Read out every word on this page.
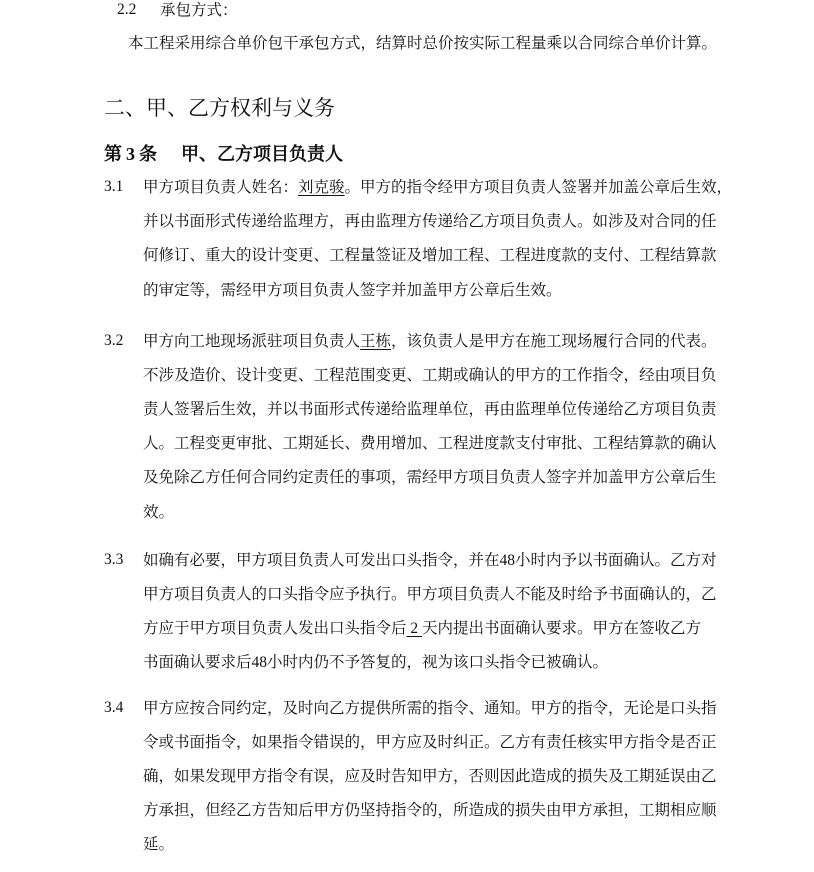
2.2 承包方式：
本工程采用综合单价包干承包方式，结算时总价按实际工程量乘以合同综合单价计算。
二、甲、乙方权利与义务
第 3 条 甲、乙方项目负责人
3.1 甲方项目负责人姓名：刘克骏。甲方的指令经甲方项目负责人签署并加盖公章后生效，
并以书面形式传递给监理方，再由监理方传递给乙方项目负责人。如涉及对合同的任
何修订、重大的设计变更、工程量签证及增加工程、工程进度款的支付、工程结算款
的审定等，需经甲方项目负责人签字并加盖甲方公章后生效。
3.2 甲方向工地现场派驻项目负责人王栋，该负责人是甲方在施工现场履行合同的代表。
不涉及造价、设计变更、工程范围变更、工期或确认的甲方的工作指令，经由项目负
责人签署后生效，并以书面形式传递给监理单位，再由监理单位传递给乙方项目负责
人。工程变更审批、工期延长、费用增加、工程进度款支付审批、工程结算款的确认
及免除乙方任何合同约定责任的事项，需经甲方项目负责人签字并加盖甲方公章后生
效。
3.3 如确有必要，甲方项目负责人可发出口头指令，并在48小时内予以书面确认。乙方对
甲方项目负责人的口头指令应予执行。甲方项目负责人不能及时给予书面确认的，乙
方应于甲方项目负责人发出口头指令后 2 天内提出书面确认要求。甲方在签收乙方
书面确认要求后48小时内仍不予答复的，视为该口头指令已被确认。
3.4 甲方应按合同约定，及时向乙方提供所需的指令、通知。甲方的指令，无论是口头指
令或书面指令，如果指令错误的，甲方应及时纠正。乙方有责任核实甲方指令是否正
确，如果发现甲方指令有误，应及时告知甲方，否则因此造成的损失及工期延误由乙
方承担，但经乙方告知后甲方仍坚持指令的，所造成的损失由甲方承担，工期相应顺
延。
